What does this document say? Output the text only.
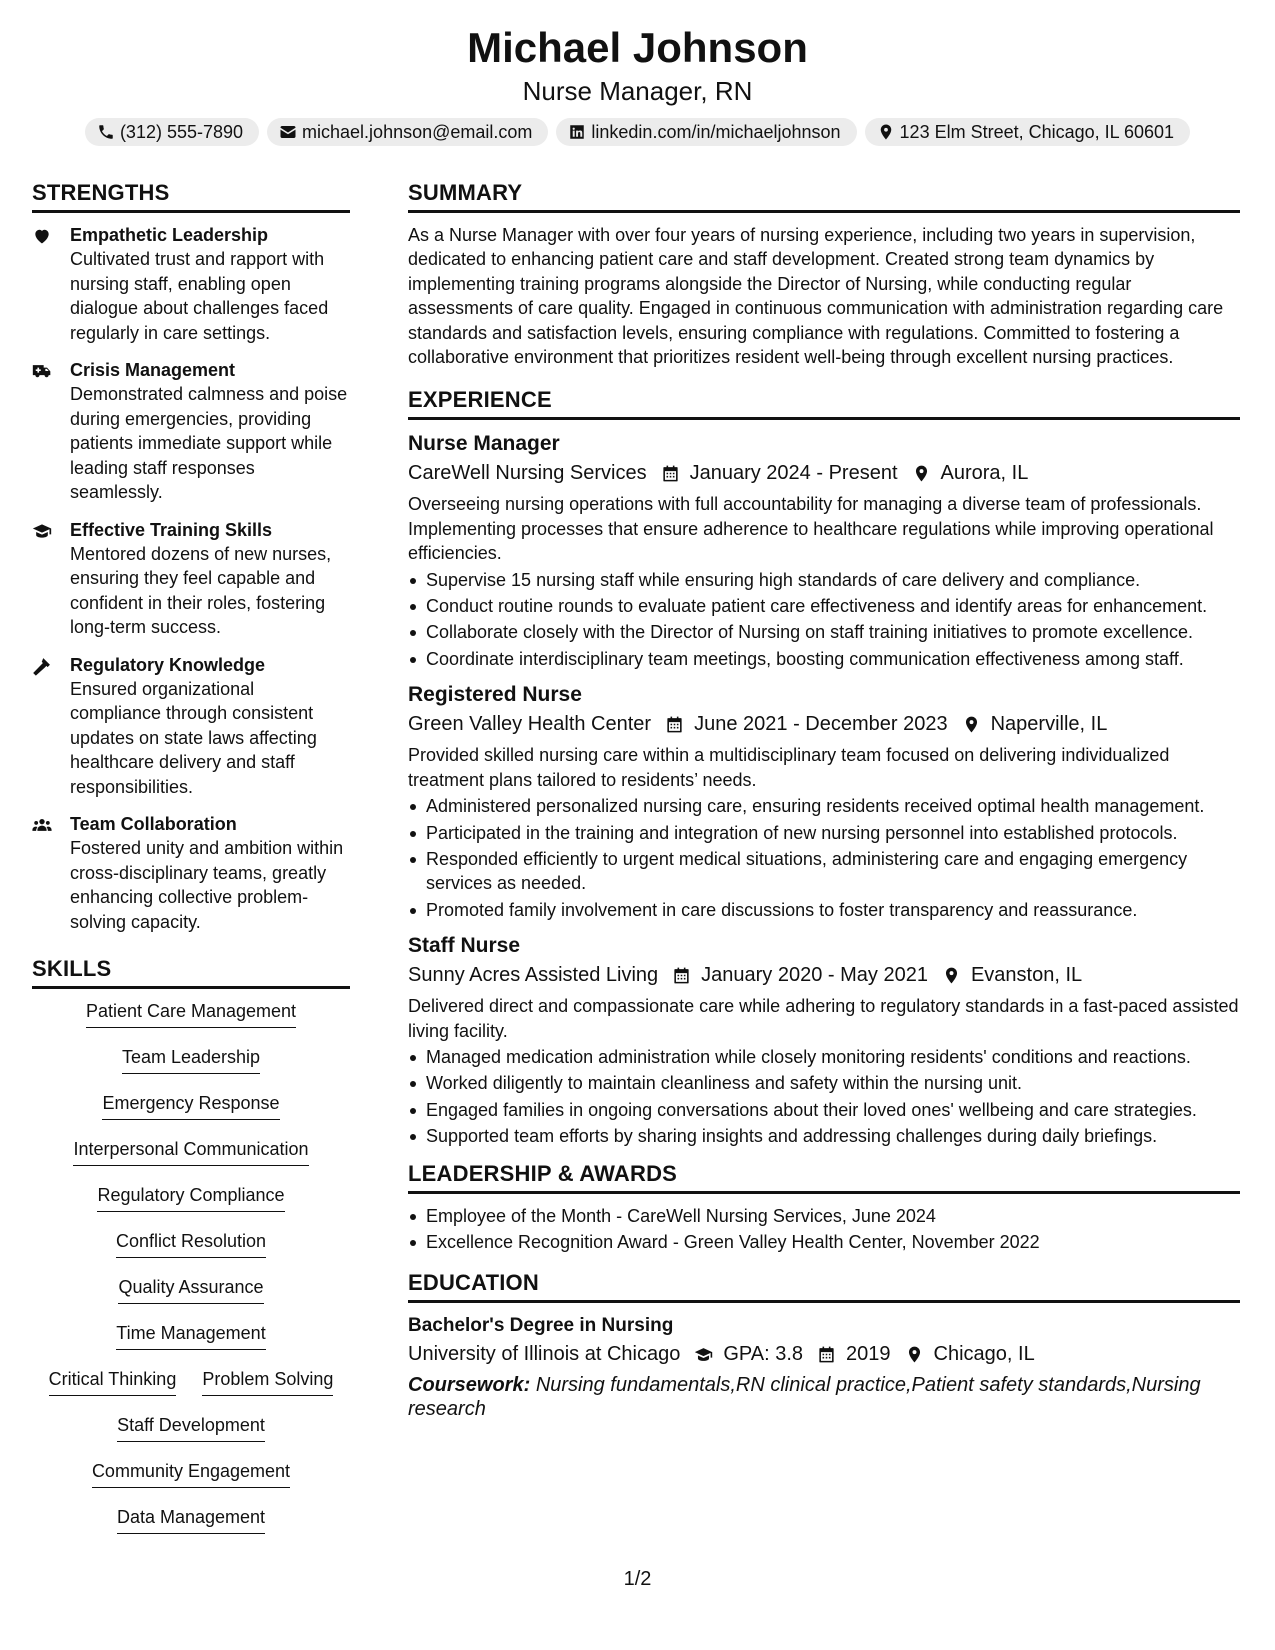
Michael Johnson
Nurse Manager, RN
(312) 555-7890	michael.johnson@email.com	linkedin.com/in/michaeljohnson	123 Elm Street, Chicago, IL 60601
STRENGTHS
Empathetic Leadership
Cultivated trust and rapport with nursing staff, enabling open dialogue about challenges faced regularly in care settings.
Crisis Management
Demonstrated calmness and poise during emergencies, providing patients immediate support while leading staff responses seamlessly.
Effective Training Skills
Mentored dozens of new nurses, ensuring they feel capable and confident in their roles, fostering long-term success.
Regulatory Knowledge
Ensured organizational compliance through consistent updates on state laws affecting healthcare delivery and staff responsibilities.
Team Collaboration
Fostered unity and ambition within cross-disciplinary teams, greatly enhancing collective problem-solving capacity.
SKILLS
Patient Care Management
Team Leadership
Emergency Response
Interpersonal Communication
Regulatory Compliance
Conflict Resolution
Quality Assurance
Time Management
Critical Thinking Problem Solving
Staff Development
Community Engagement
Data Management
SUMMARY
As a Nurse Manager with over four years of nursing experience, including two years in supervision, dedicated to enhancing patient care and staff development. Created strong team dynamics by implementing training programs alongside the Director of Nursing, while conducting regular assessments of care quality. Engaged in continuous communication with administration regarding care standards and satisfaction levels, ensuring compliance with regulations. Committed to fostering a collaborative environment that prioritizes resident well-being through excellent nursing practices.
EXPERIENCE
Nurse Manager
CareWell Nursing Services January 2024 - Present Aurora, IL
Overseeing nursing operations with full accountability for managing a diverse team of professionals. Implementing processes that ensure adherence to healthcare regulations while improving operational efficiencies.
Supervise 15 nursing staff while ensuring high standards of care delivery and compliance.
Conduct routine rounds to evaluate patient care effectiveness and identify areas for enhancement.
Collaborate closely with the Director of Nursing on staff training initiatives to promote excellence.
Coordinate interdisciplinary team meetings, boosting communication effectiveness among staff.
Registered Nurse
Green Valley Health Center June 2021 - December 2023 Naperville, IL
Provided skilled nursing care within a multidisciplinary team focused on delivering individualized treatment plans tailored to residents’ needs.
Administered personalized nursing care, ensuring residents received optimal health management.
Participated in the training and integration of new nursing personnel into established protocols.
Responded efficiently to urgent medical situations, administering care and engaging emergency services as needed.
Promoted family involvement in care discussions to foster transparency and reassurance.
Staff Nurse
Sunny Acres Assisted Living January 2020 - May 2021 Evanston, IL
Delivered direct and compassionate care while adhering to regulatory standards in a fast-paced assisted living facility.
Managed medication administration while closely monitoring residents' conditions and reactions.
Worked diligently to maintain cleanliness and safety within the nursing unit.
Engaged families in ongoing conversations about their loved ones' wellbeing and care strategies.
Supported team efforts by sharing insights and addressing challenges during daily briefings.
LEADERSHIP & AWARDS
Employee of the Month - CareWell Nursing Services, June 2024
Excellence Recognition Award - Green Valley Health Center, November 2022
EDUCATION
Bachelor's Degree in Nursing
University of Illinois at Chicago GPA: 3.8 2019 Chicago, IL
Coursework: Nursing fundamentals,RN clinical practice,Patient safety standards,Nursing research
1/2
